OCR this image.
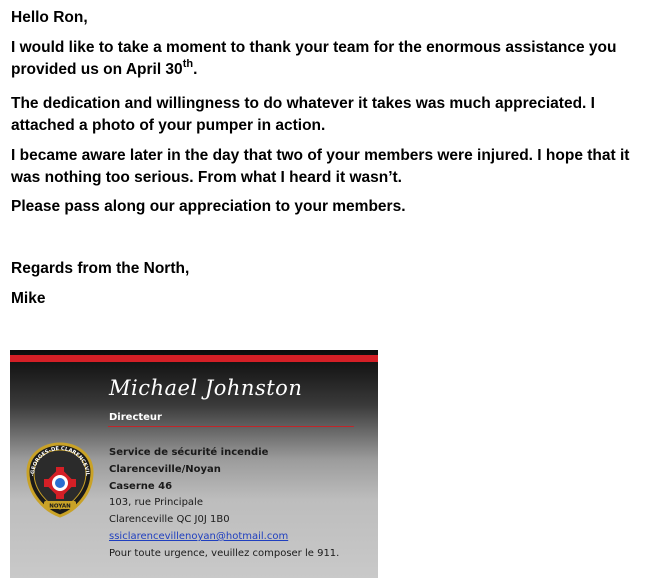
Hello Ron,

I would like to take a moment to thank your team for the enormous assistance you provided us on April 30th.

The dedication and willingness to do whatever it takes was much appreciated. I attached a photo of your pumper in action.

I became aware later in the day that two of your members were injured. I hope that it was nothing too serious. From what I heard it wasn’t.

Please pass along our appreciation to your members.

Regards from the North,

Mike

Michael Johnston
Directeur
-GEORGES-DE CLARENCEVIL
NOYAN
Service de sécurité incendie
Clarenceville/Noyan
Caserne 46
103, rue Principale
Clarenceville QC J0J 1B0
ssiclarencevillenoyan@hotmail.com
Pour toute urgence, veuillez composer le 911.
